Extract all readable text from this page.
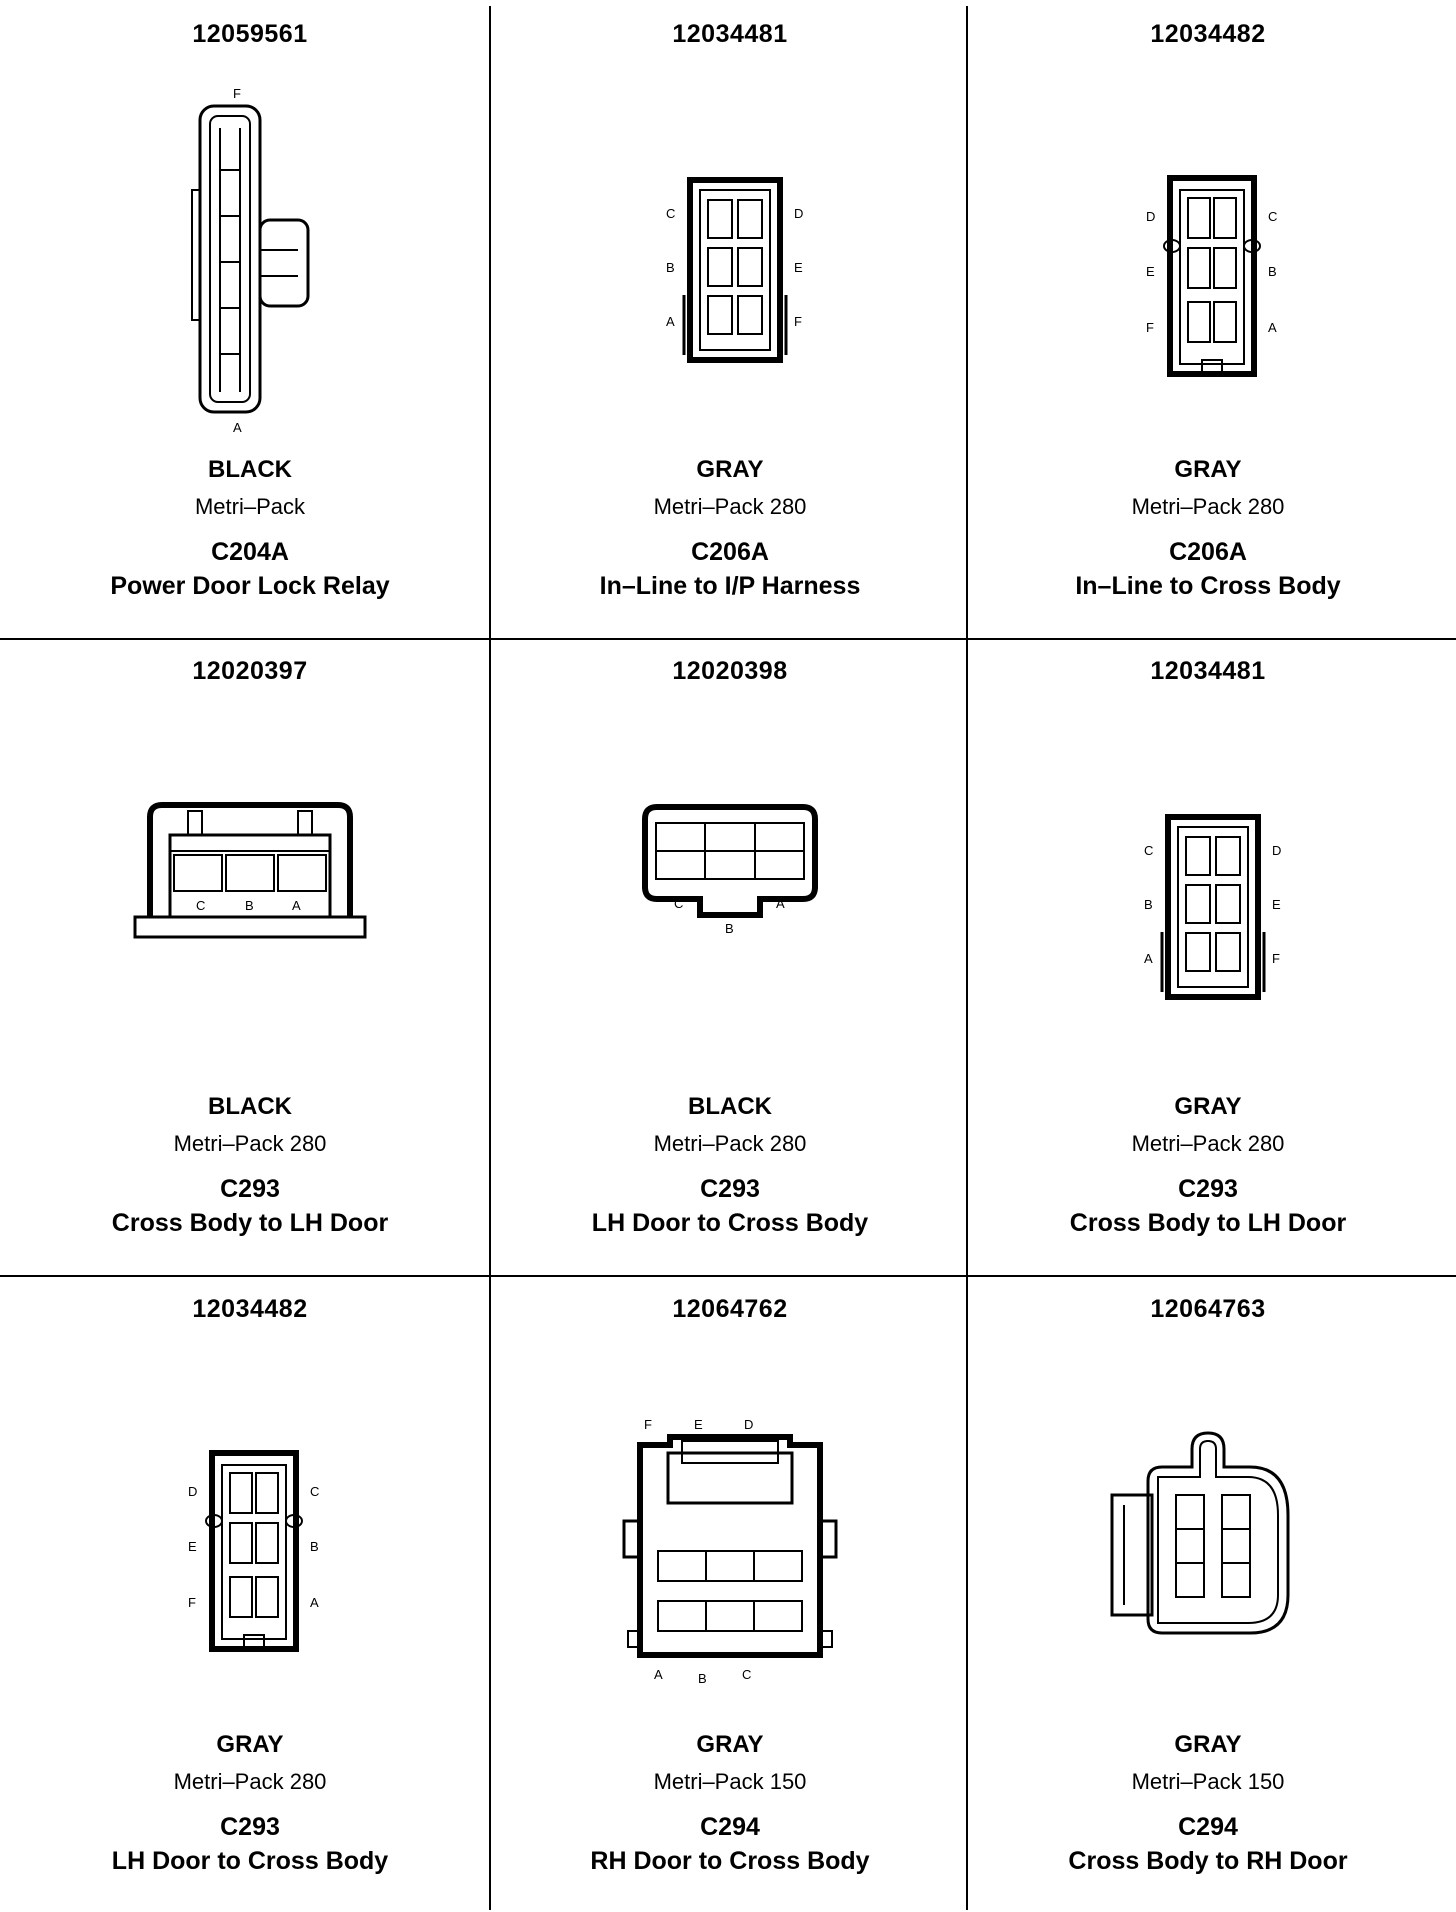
12059561
F
A
BLACK
Metri–Pack
C204A
Power Door Lock Relay
12034481
C	D
B	E
A	F
GRAY
Metri–Pack 280
C206A
In–Line to I/P Harness
12034482
D	C
E	B
F	A
GRAY
Metri–Pack 280
C206A
In–Line to Cross Body
12020397
C	B	A
BLACK
Metri–Pack 280
C293
Cross Body to LH Door
12020398
C
B
A
BLACK
Metri–Pack 280
C293
LH Door to Cross Body
12034481
C	D
B	E
A	F
GRAY
Metri–Pack 280
C293
Cross Body to LH Door
12034482
D	C
E	B
F	A
GRAY
Metri–Pack 280
C293
LH Door to Cross Body
12064762
F	E	D
A	B	C
GRAY
Metri–Pack 150
C294
RH Door to Cross Body
12064763
GRAY
Metri–Pack 150
C294
Cross Body to RH Door
